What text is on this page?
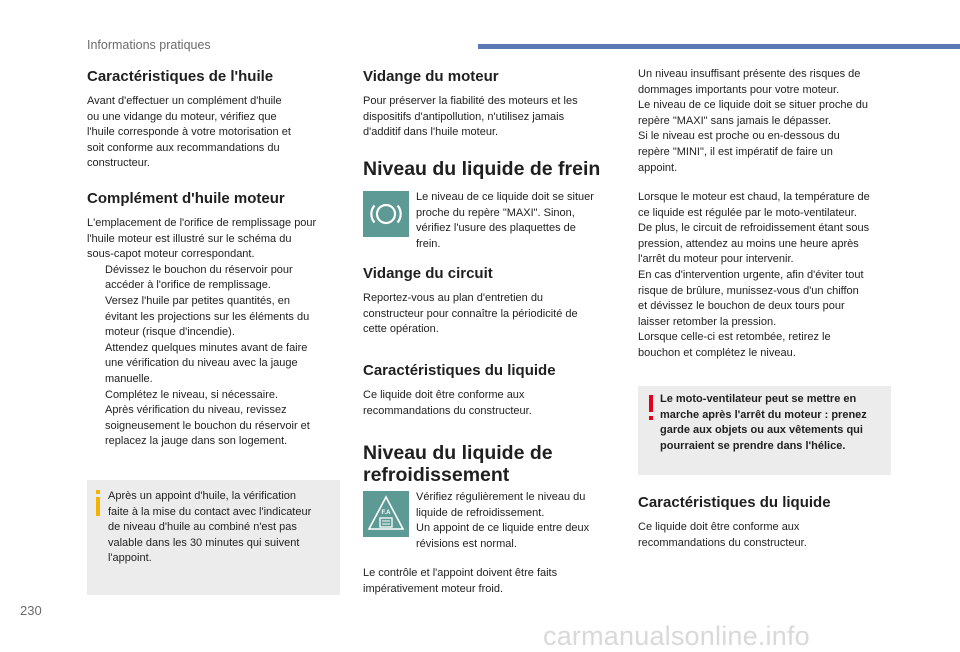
Informations pratiques
Caractéristiques de l'huile

Avant d'effectuer un complément d'huile
ou une vidange du moteur, vérifiez que
l'huile corresponde à votre motorisation et
soit conforme aux recommandations du
constructeur.

Complément d'huile moteur

L'emplacement de l'orifice de remplissage pour
l'huile moteur est illustré sur le schéma du
sous-capot moteur correspondant.

Dévissez le bouchon du réservoir pour
accéder à l'orifice de remplissage.
Versez l'huile par petites quantités, en
évitant les projections sur les éléments du
moteur (risque d'incendie).
Attendez quelques minutes avant de faire
une vérification du niveau avec la jauge
manuelle.
Complétez le niveau, si nécessaire.
Après vérification du niveau, revissez
soigneusement le bouchon du réservoir et
replacez la jauge dans son logement.

Après un appoint d'huile, la vérification
faite à la mise du contact avec l'indicateur
de niveau d'huile au combiné n'est pas
valable dans les 30 minutes qui suivent
l'appoint.

Vidange du moteur

Pour préserver la fiabilité des moteurs et les
dispositifs d'antipollution, n'utilisez jamais
d'additif dans l'huile moteur.

Niveau du liquide de frein

Le niveau de ce liquide doit se situer
proche du repère "MAXI". Sinon,
vérifiez l'usure des plaquettes de
frein.

Vidange du circuit

Reportez-vous au plan d'entretien du
constructeur pour connaître la périodicité de
cette opération.

Caractéristiques du liquide

Ce liquide doit être conforme aux
recommandations du constructeur.

Niveau du liquide de
refroidissement
F.A

Vérifiez régulièrement le niveau du
liquide de refroidissement.
Un appoint de ce liquide entre deux
révisions est normal.

Le contrôle et l'appoint doivent être faits
impérativement moteur froid.

Un niveau insuffisant présente des risques de
dommages importants pour votre moteur.
Le niveau de ce liquide doit se situer proche du
repère "MAXI" sans jamais le dépasser.
Si le niveau est proche ou en-dessous du
repère "MINI", il est impératif de faire un
appoint.

Lorsque le moteur est chaud, la température de
ce liquide est régulée par le moto-ventilateur.
De plus, le circuit de refroidissement étant sous
pression, attendez au moins une heure après
l'arrêt du moteur pour intervenir.
En cas d'intervention urgente, afin d'éviter tout
risque de brûlure, munissez-vous d'un chiffon
et dévissez le bouchon de deux tours pour
laisser retomber la pression.
Lorsque celle-ci est retombée, retirez le
bouchon et complétez le niveau.

Le moto-ventilateur peut se mettre en
marche après l'arrêt du moteur : prenez
garde aux objets ou aux vêtements qui
pourraient se prendre dans l'hélice.

Caractéristiques du liquide

Ce liquide doit être conforme aux
recommandations du constructeur.

230
carmanualsonline.info
